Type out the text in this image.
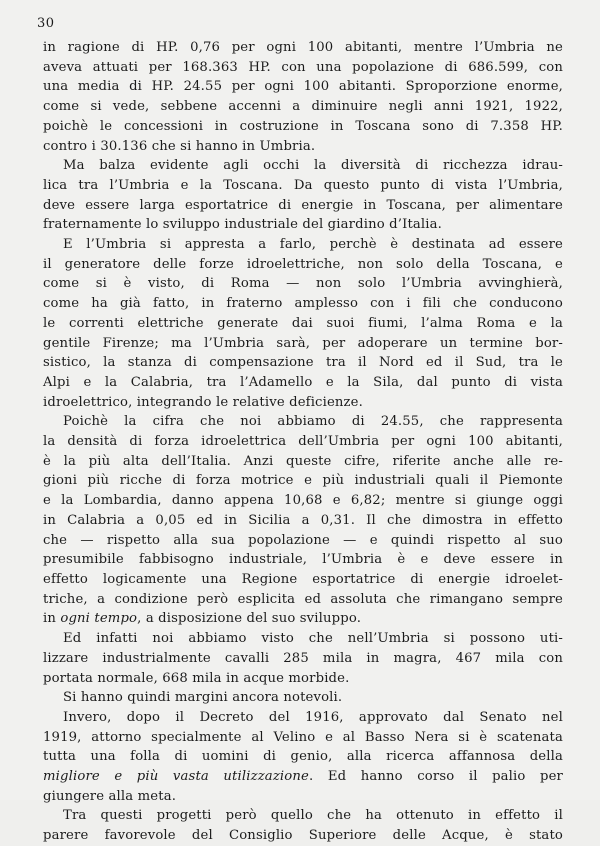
30
in ragione di HP. 0,76 per ogni 100 abitanti, mentre l’Umbria ne
aveva attuati per 168.363 HP. con una popolazione di 686.599, con
una media di HP. 24.55 per ogni 100 abitanti. Sproporzione enorme,
come si vede, sebbene accenni a diminuire negli anni 1921, 1922,
poichè le concessioni in costruzione in Toscana sono di 7.358 HP.
contro i 30.136 che si hanno in Umbria.
Ma balza evidente agli occhi la diversità di ricchezza idrau-
lica tra l’Umbria e la Toscana. Da questo punto di vista l’Umbria,
deve essere larga esportatrice di energie in Toscana, per alimentare
fraternamente lo sviluppo industriale del giardino d’Italia.
E l’Umbria si appresta a farlo, perchè è destinata ad essere
il generatore delle forze idroelettriche, non solo della Toscana, e
come si è visto, di Roma — non solo l’Umbria avvinghierà,
come ha già fatto, in fraterno amplesso con i fili che conducono
le correnti elettriche generate dai suoi fiumi, l’alma Roma e la
gentile Firenze; ma l’Umbria sarà, per adoperare un termine bor-
sistico, la stanza di compensazione tra il Nord ed il Sud, tra le
Alpi e la Calabria, tra l’Adamello e la Sila, dal punto di vista
idroelettrico, integrando le relative deficienze.
Poichè la cifra che noi abbiamo di 24.55, che rappresenta
la densità di forza idroelettrica dell’Umbria per ogni 100 abitanti,
è la più alta dell’Italia. Anzi queste cifre, riferite anche alle re-
gioni più ricche di forza motrice e più industriali quali il Piemonte
e la Lombardia, danno appena 10,68 e 6,82; mentre si giunge oggi
in Calabria a 0,05 ed in Sicilia a 0,31. Il che dimostra in effetto
che — rispetto alla sua popolazione — e quindi rispetto al suo
presumibile fabbisogno industriale, l’Umbria è e deve essere in
effetto logicamente una Regione esportatrice di energie idroelet-
triche, a condizione però esplicita ed assoluta che rimangano sempre
in ogni tempo, a disposizione del suo sviluppo.
Ed infatti noi abbiamo visto che nell’Umbria si possono uti-
lizzare industrialmente cavalli 285 mila in magra, 467 mila con
portata normale, 668 mila in acque morbide.
Si hanno quindi margini ancora notevoli.
Invero, dopo il Decreto del 1916, approvato dal Senato nel
1919, attorno specialmente al Velino e al Basso Nera si è scatenata
tutta una folla di uomini di genio, alla ricerca affannosa della
migliore e più vasta utilizzazione. Ed hanno corso il palio per
giungere alla meta.
Tra questi progetti però quello che ha ottenuto in effetto il
parere favorevole del Consiglio Superiore delle Acque, è stato
